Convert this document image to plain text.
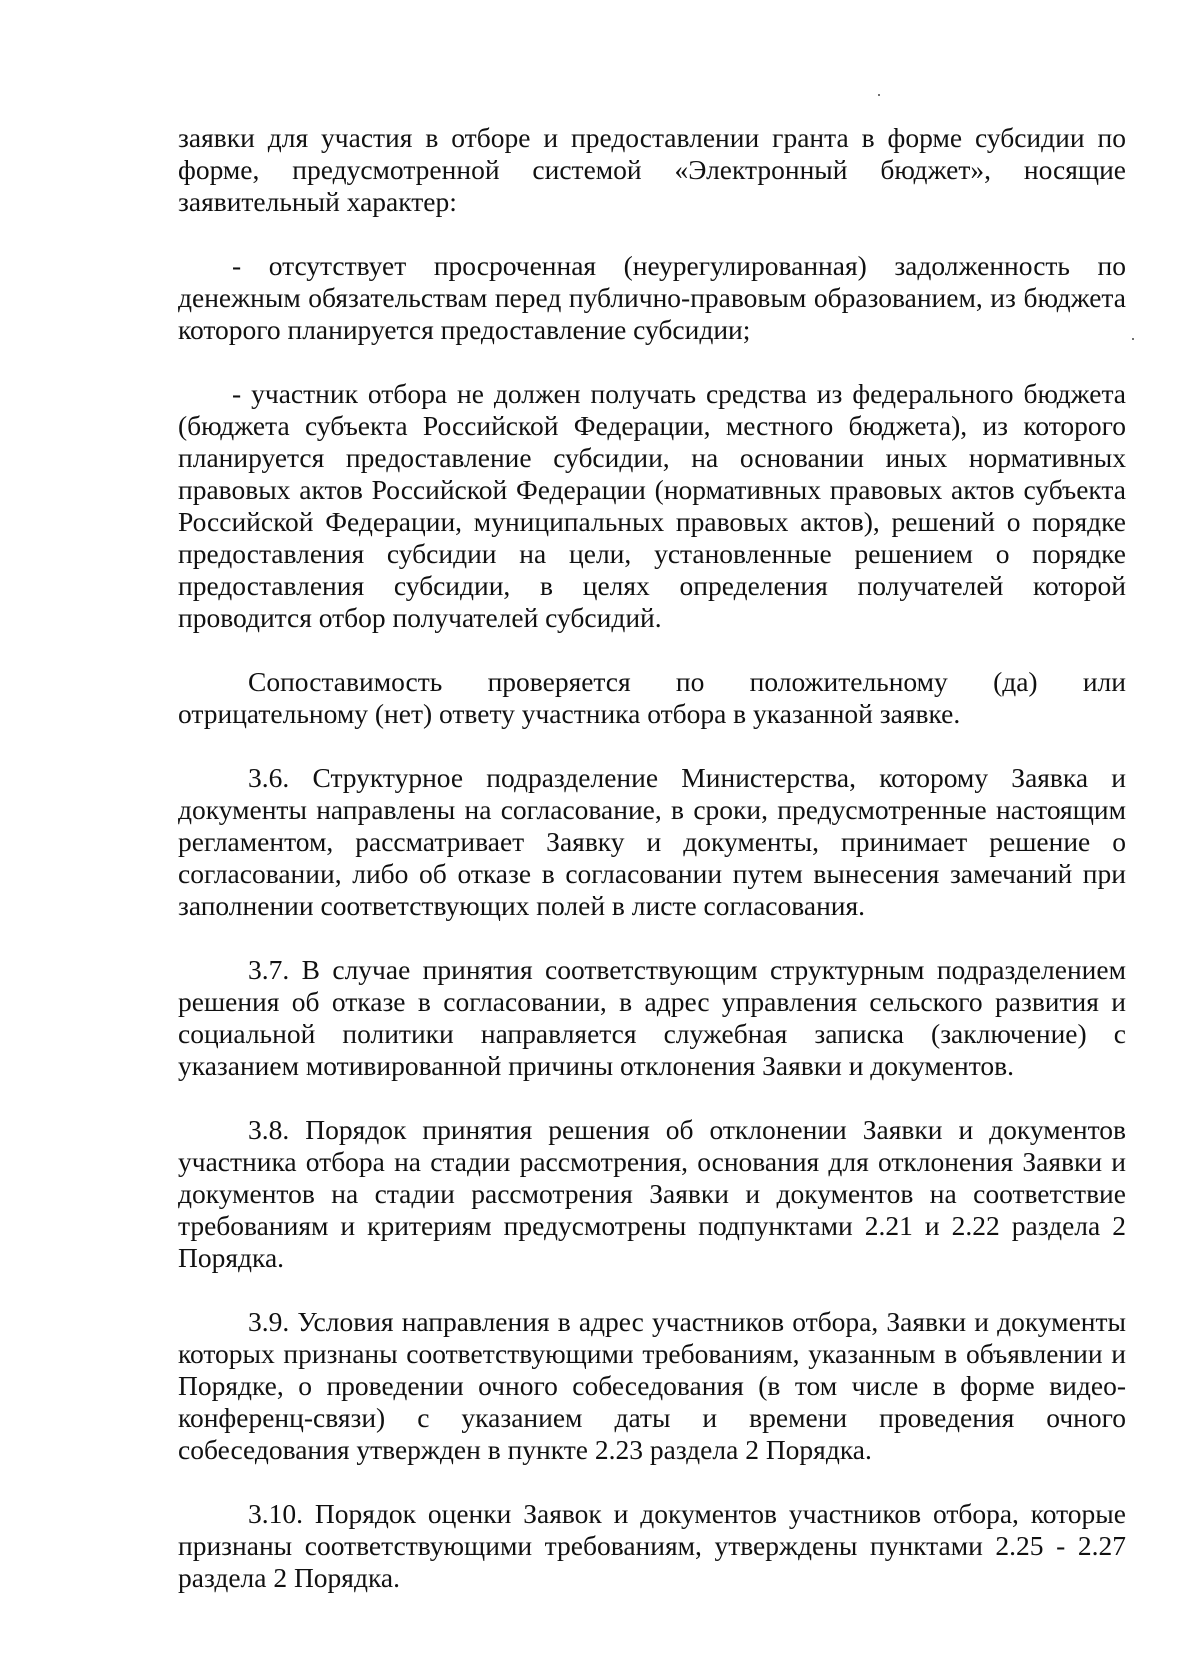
заявки для участия в отборе и предоставлении гранта в форме субсидии по форме, предусмотренной системой «Электронный бюджет», носящие заявительный характер:

- отсутствует просроченная (неурегулированная) задолженность по денежным обязательствам перед публично-правовым образованием, из бюджета которого планируется предоставление субсидии;

- участник отбора не должен получать средства из федерального бюджета (бюджета субъекта Российской Федерации, местного бюджета), из которого планируется предоставление субсидии, на основании иных нормативных правовых актов Российской Федерации (нормативных правовых актов субъекта Российской Федерации, муниципальных правовых актов), решений о порядке предоставления субсидии на цели, установленные решением о порядке предоставления субсидии, в целях определения получателей которой проводится отбор получателей субсидий.

Сопоставимость проверяется по положительному (да) или отрицательному (нет) ответу участника отбора в указанной заявке.

3.6. Структурное подразделение Министерства, которому Заявка и документы направлены на согласование, в сроки, предусмотренные настоящим регламентом, рассматривает Заявку и документы, принимает решение о согласовании, либо об отказе в согласовании путем вынесения замечаний при заполнении соответствующих полей в листе согласования.

3.7. В случае принятия соответствующим структурным подразделением решения об отказе в согласовании, в адрес управления сельского развития и социальной политики направляется служебная записка (заключение) с указанием мотивированной причины отклонения Заявки и документов.

3.8. Порядок принятия решения об отклонении Заявки и документов участника отбора на стадии рассмотрения, основания для отклонения Заявки и документов на стадии рассмотрения Заявки и документов на соответствие требованиям и критериям предусмотрены подпунктами 2.21 и 2.22 раздела 2 Порядка.

3.9. Условия направления в адрес участников отбора, Заявки и документы которых признаны соответствующими требованиям, указанным в объявлении и Порядке, о проведении очного собеседования (в том числе в форме видео-конференц-связи) с указанием даты и времени проведения очного собеседования утвержден в пункте 2.23 раздела 2 Порядка.

3.10. Порядок оценки Заявок и документов участников отбора, которые признаны соответствующими требованиям, утверждены пунктами 2.25 - 2.27 раздела 2 Порядка.
